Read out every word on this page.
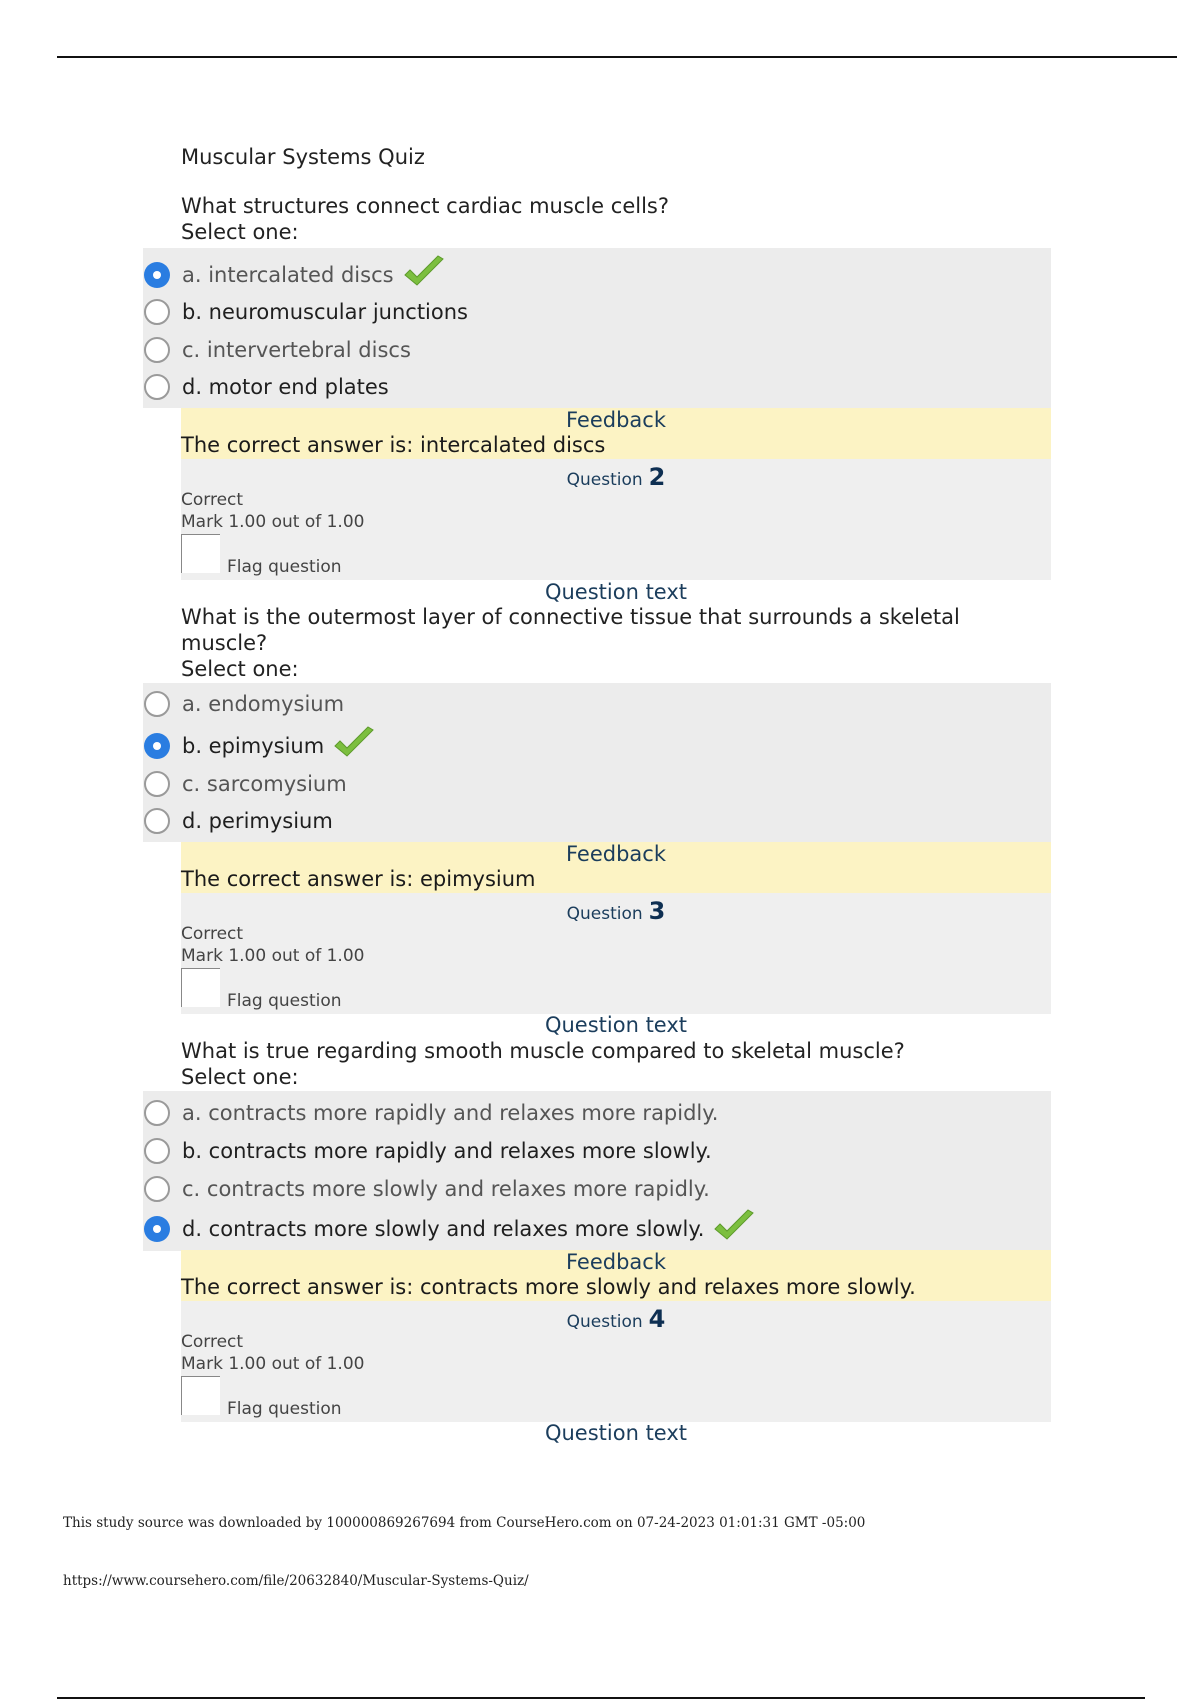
Muscular Systems Quiz
What structures connect cardiac muscle cells?
Select one:
a. intercalated discs
b. neuromuscular junctions
c. intervertebral discs
d. motor end plates
Feedback
The correct answer is: intercalated discs
Question 2
Correct
Mark 1.00 out of 1.00
Flag question
Question text
What is the outermost layer of connective tissue that surrounds a skeletal muscle?
Select one:
a. endomysium
b. epimysium
c. sarcomysium
d. perimysium
Feedback
The correct answer is: epimysium
Question 3
Correct
Mark 1.00 out of 1.00
Flag question
Question text
What is true regarding smooth muscle compared to skeletal muscle?
Select one:
a. contracts more rapidly and relaxes more rapidly.
b. contracts more rapidly and relaxes more slowly.
c. contracts more slowly and relaxes more rapidly.
d. contracts more slowly and relaxes more slowly.
Feedback
The correct answer is: contracts more slowly and relaxes more slowly.
Question 4
Correct
Mark 1.00 out of 1.00
Flag question
Question text
This study source was downloaded by 100000869267694 from CourseHero.com on 07-24-2023 01:01:31 GMT -05:00
https://www.coursehero.com/file/20632840/Muscular-Systems-Quiz/
